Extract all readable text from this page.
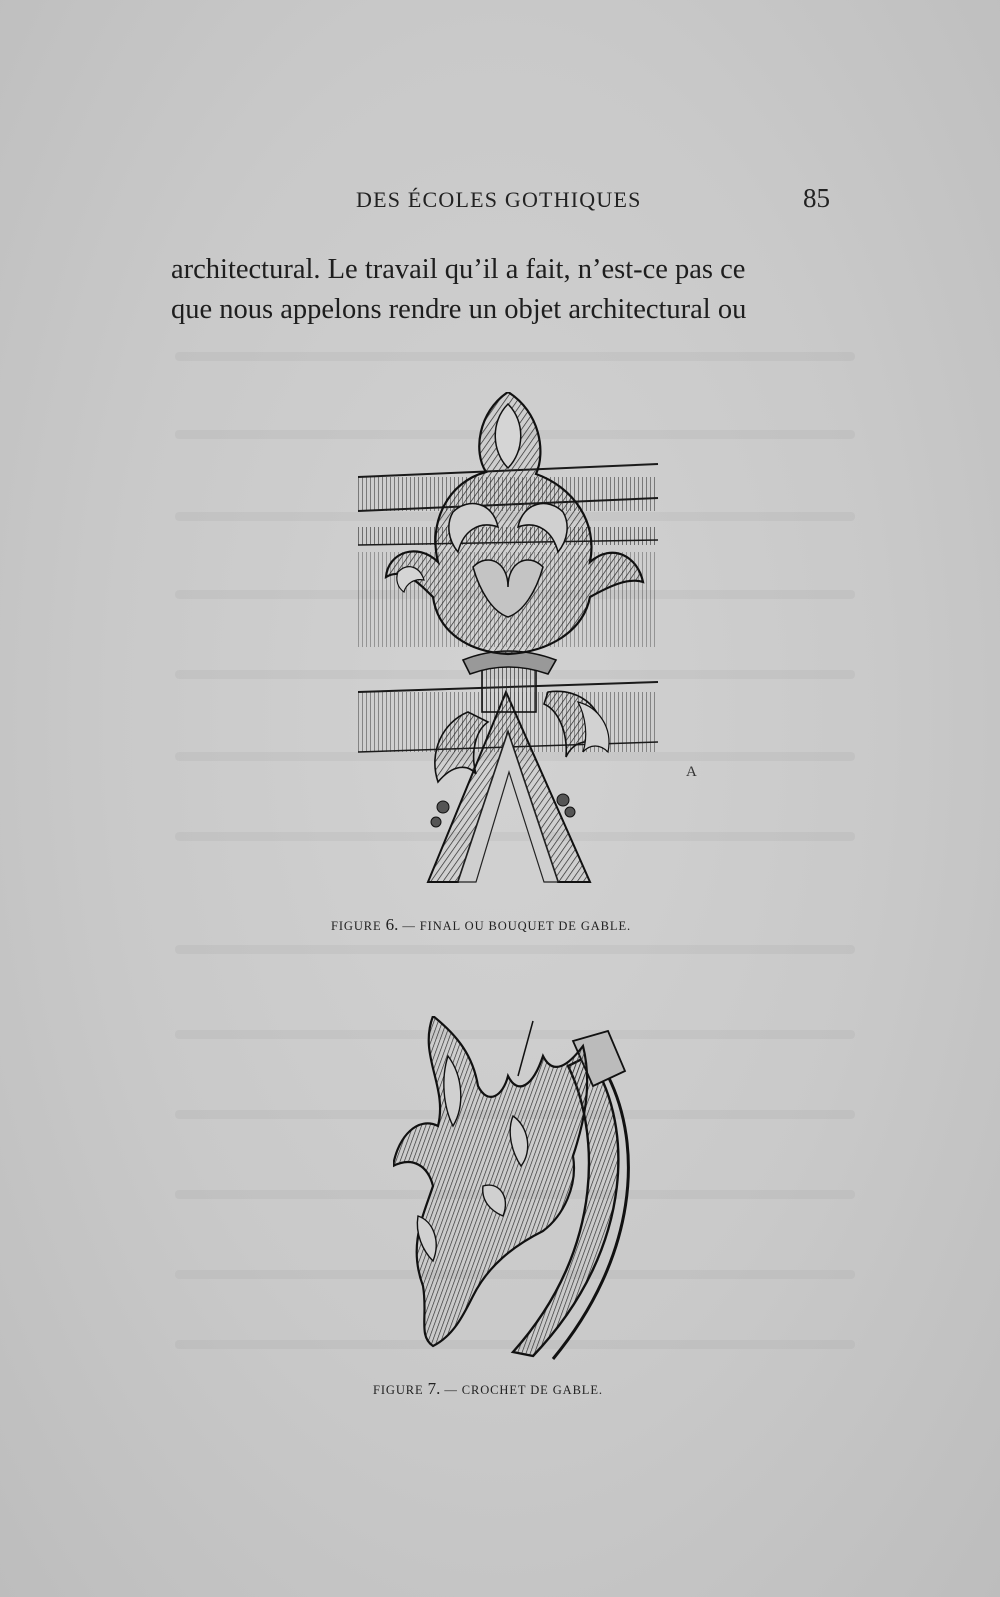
DES ÉCOLES GOTHIQUES	85

architectural. Le travail qu’il a fait, n’est-ce pas ce

que nous appelons rendre un objet architectural ou

A
FIGURE 6. — FINAL OU BOUQUET DE GABLE.
FIGURE 7. — CROCHET DE GABLE.
